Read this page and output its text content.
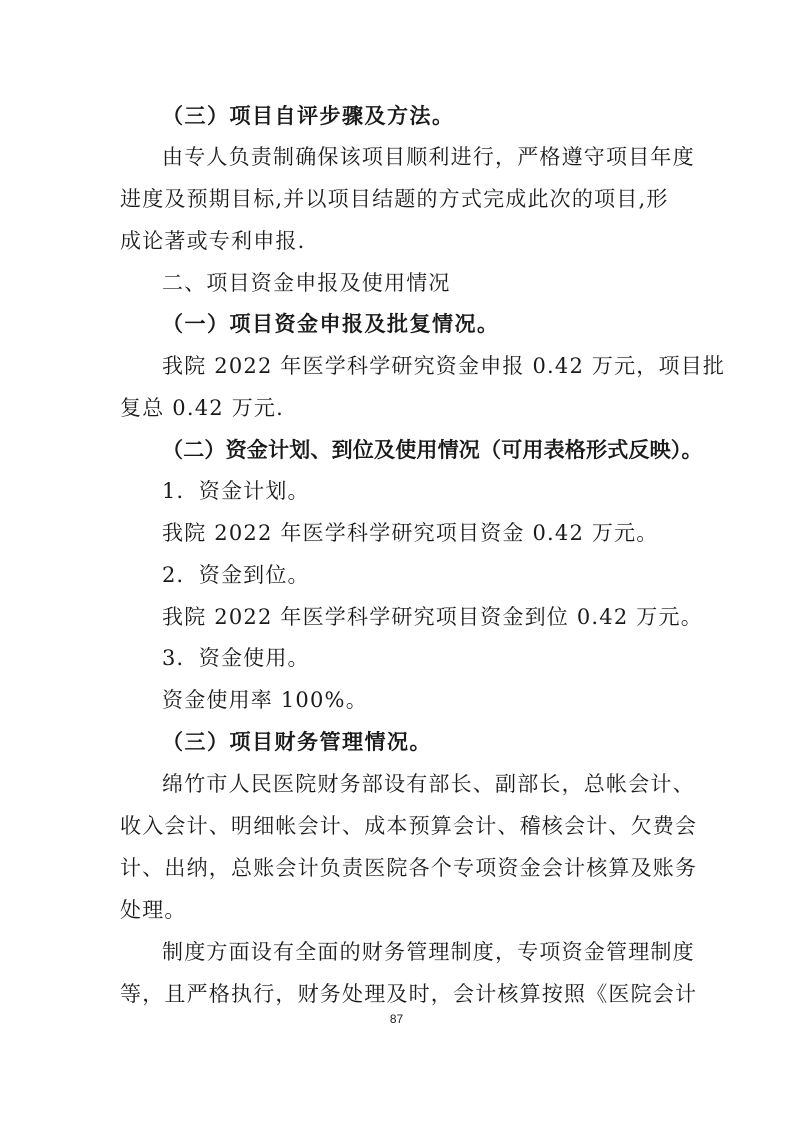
（三）项目自评步骤及方法。
由专人负责制确保该项目顺利进行，严格遵守项目年度
进度及预期目标,并以项目结题的方式完成此次的项目,形
成论著或专利申报.
二、项目资金申报及使用情况
（一）项目资金申报及批复情况。
我院 2022 年医学科学研究资金申报 0.42 万元，项目批
复总 0.42 万元.
（二）资金计划、到位及使用情况（可用表格形式反映）。
1．资金计划。
我院 2022 年医学科学研究项目资金 0.42 万元。
2．资金到位。
我院 2022 年医学科学研究项目资金到位 0.42 万元。
3．资金使用。
资金使用率 100%。
（三）项目财务管理情况。
绵竹市人民医院财务部设有部长、副部长，总帐会计、
收入会计、明细帐会计、成本预算会计、稽核会计、欠费会
计、出纳，总账会计负责医院各个专项资金会计核算及账务
处理。
制度方面设有全面的财务管理制度，专项资金管理制度
等，且严格执行，财务处理及时，会计核算按照《医院会计
87
